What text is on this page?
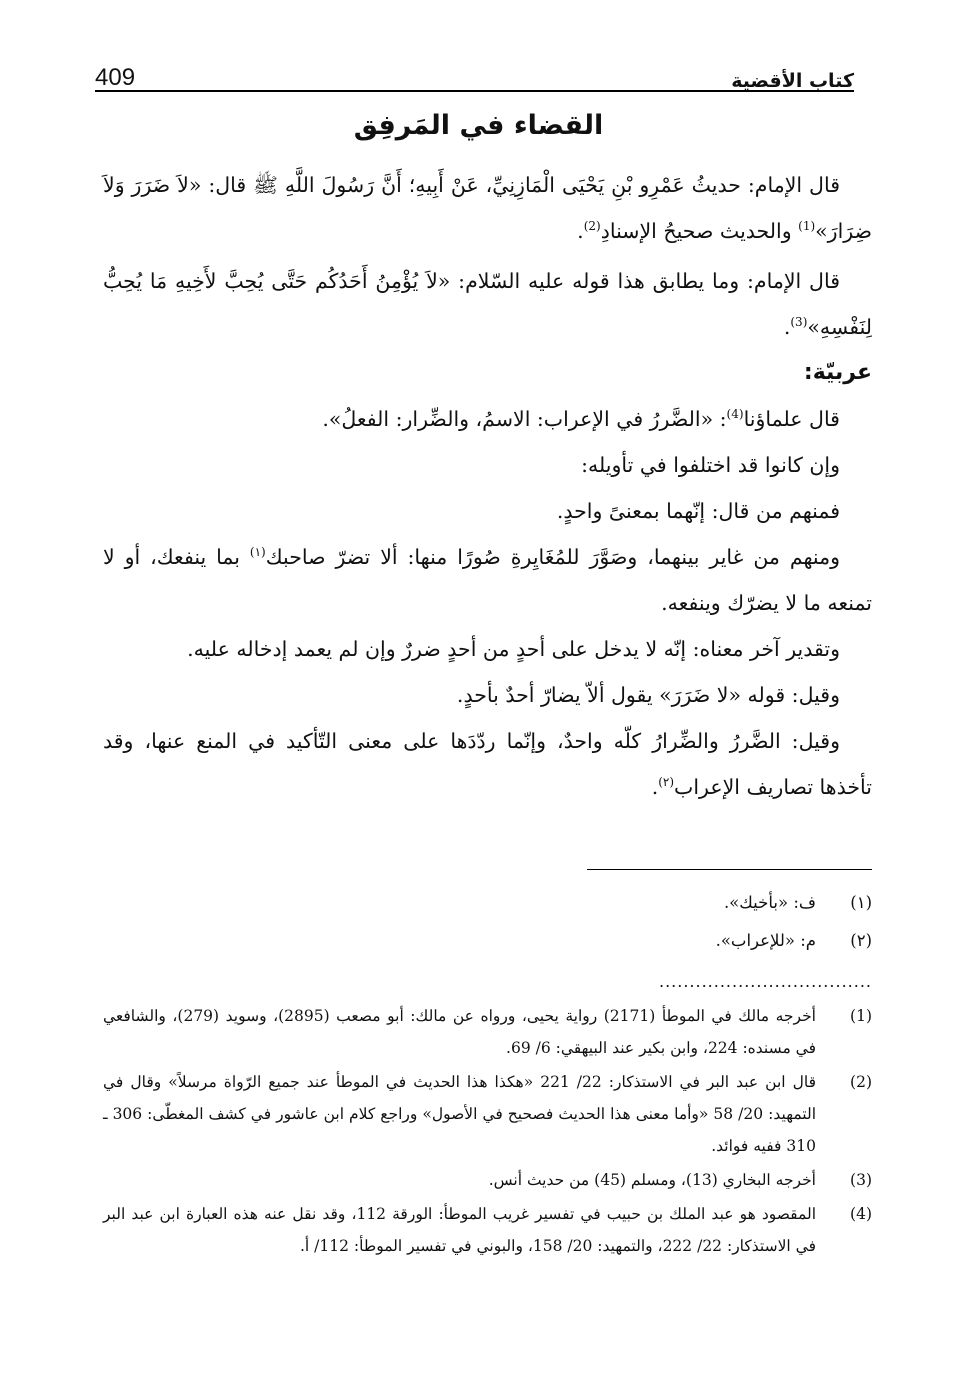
كتاب الأقضية
409
القضاء في المَرفِق

قال الإمام: حديثُ عَمْرِو بْنِ يَحْيَى الْمَازِنِيِّ، عَنْ أَبِيهِ؛ أَنَّ رَسُولَ اللَّهِ ﷺ قال: «لاَ ضَرَرَ وَلاَ ضِرَارَ»$^{(1)}$ والحديث صحيحُ الإسنادِ$^{(2)}$.

قال الإمام: وما يطابق هذا قوله عليه السّلام: «لاَ يُؤْمِنُ أَحَدُكُم حَتَّى يُحِبَّ لأَخِيهِ مَا يُحِبُّ لِنَفْسِهِ»$^{(3)}$.

عربيّة:

قال علماؤنا$^{(4)}$: «الضَّررُ في الإعراب: الاسمُ، والضِّرار: الفعلُ».

وإن كانوا قد اختلفوا في تأويله:

فمنهم من قال: إنّهما بمعنىً واحدٍ.

ومنهم من غاير بينهما، وصَوَّرَ للمُغَايِرةِ صُورًا منها: ألا تضرّ صاحبك$^{(١)}$ بما ينفعك، أو لا تمنعه ما لا يضرّك وينفعه.

وتقدير آخر معناه: إنّه لا يدخل على أحدٍ من أحدٍ ضررٌ وإن لم يعمد إدخاله عليه.

وقيل: قوله «لا ضَرَرَ» يقول ألاّ يضارّ أحدٌ بأحدٍ.

وقيل: الضَّررُ والضِّرارُ كلّه واحدٌ، وإنّما ردّدَها على معنى التّأكيد في المنع عنها، وقد تأخذها تصاريف الإعراب$^{(٢)}$.

(١)
ف: «بأخيك».
(٢)
م: «للإعراب».
...................................
(1)
أخرجه مالك في الموطأ (2171) رواية يحيى، ورواه عن مالك: أبو مصعب (2895)، وسويد (279)، والشافعي في مسنده: 224، وابن بكير عند البيهقي: 6/ 69.
(2)
قال ابن عبد البر في الاستذكار: 22/ 221 «هكذا هذا الحديث في الموطأ عند جميع الرّواة مرسلاً» وقال في التمهيد: 20/ 58 «وأما معنى هذا الحديث فصحيح في الأصول» وراجع كلام ابن عاشور في كشف المغطّى: 306 ـ 310 ففيه فوائد.
(3)
أخرجه البخاري (13)، ومسلم (45) من حديث أنس.
(4)
المقصود هو عبد الملك بن حبيب في تفسير غريب الموطأ: الورقة 112، وقد نقل عنه هذه العبارة ابن عبد البر في الاستذكار: 22/ 222، والتمهيد: 20/ 158، والبوني في تفسير الموطأ: 112/ أ.
